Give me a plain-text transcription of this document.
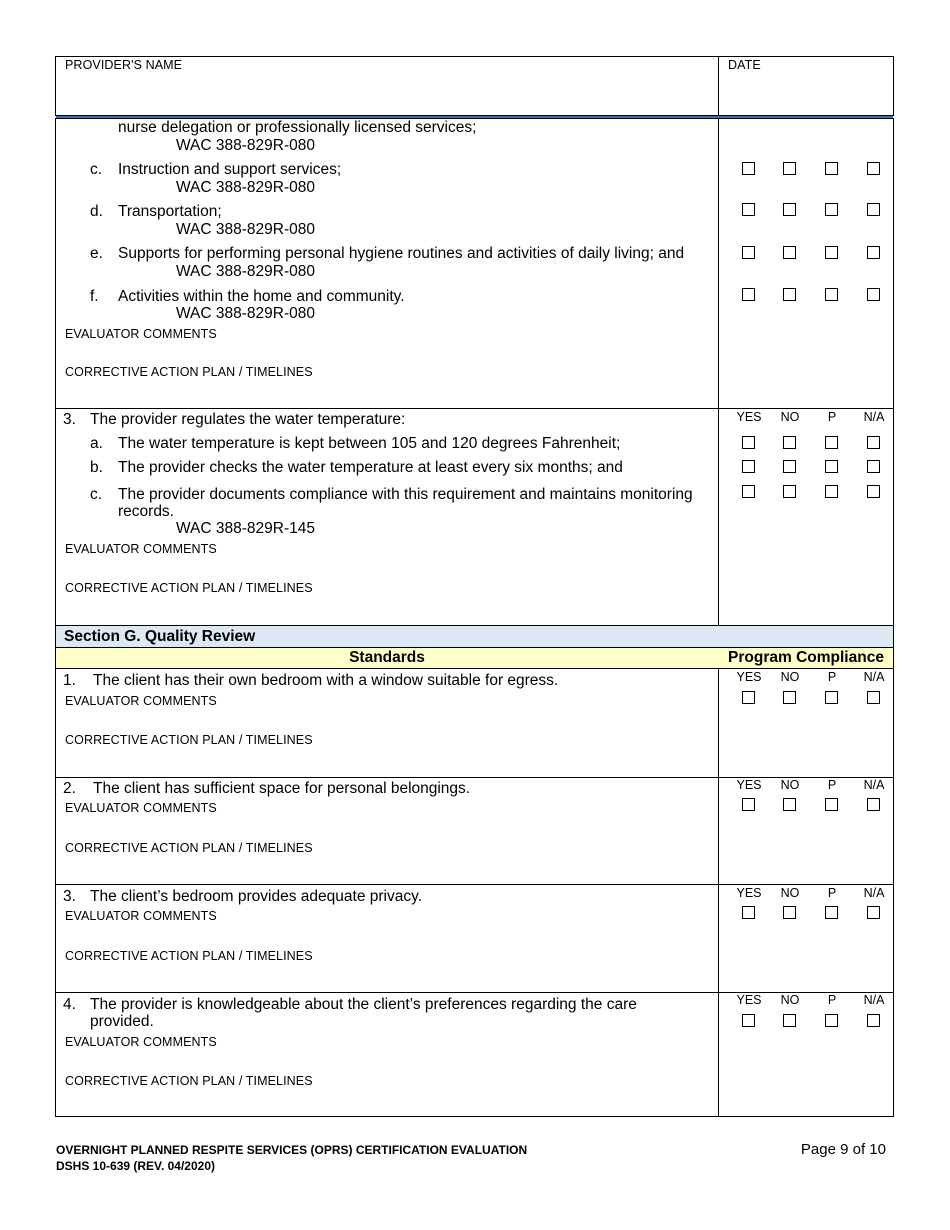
PROVIDER'S NAME	DATE
nurse delegation or professionally licensed services;
WAC 388-829R-080
c. Instruction and support services;
WAC 388-829R-080
d. Transportation;
WAC 388-829R-080
e. Supports for performing personal hygiene routines and activities of daily living; and
WAC 388-829R-080
f. Activities within the home and community.
WAC 388-829R-080
EVALUATOR COMMENTS
CORRECTIVE ACTION PLAN / TIMELINES
3. The provider regulates the water temperature:	YES	NO	P	N/A
a. The water temperature is kept between 105 and 120 degrees Fahrenheit;
b. The provider checks the water temperature at least every six months; and
c. The provider documents compliance with this requirement and maintains monitoring
records.
WAC 388-829R-145
EVALUATOR COMMENTS
CORRECTIVE ACTION PLAN / TIMELINES
Section G. Quality Review
Standards	Program Compliance
1. The client has their own bedroom with a window suitable for egress.	YES	NO	P	N/A
EVALUATOR COMMENTS
CORRECTIVE ACTION PLAN / TIMELINES
2. The client has sufficient space for personal belongings.	YES	NO	P	N/A
EVALUATOR COMMENTS
CORRECTIVE ACTION PLAN / TIMELINES
3. The client’s bedroom provides adequate privacy.	YES	NO	P	N/A
EVALUATOR COMMENTS
CORRECTIVE ACTION PLAN / TIMELINES
4. The provider is knowledgeable about the client’s preferences regarding the care
provided.
YES	NO	P	N/A
EVALUATOR COMMENTS
CORRECTIVE ACTION PLAN / TIMELINES
OVERNIGHT PLANNED RESPITE SERVICES (OPRS) CERTIFICATION EVALUATION
DSHS 10-639 (REV. 04/2020)
Page 9 of 10
